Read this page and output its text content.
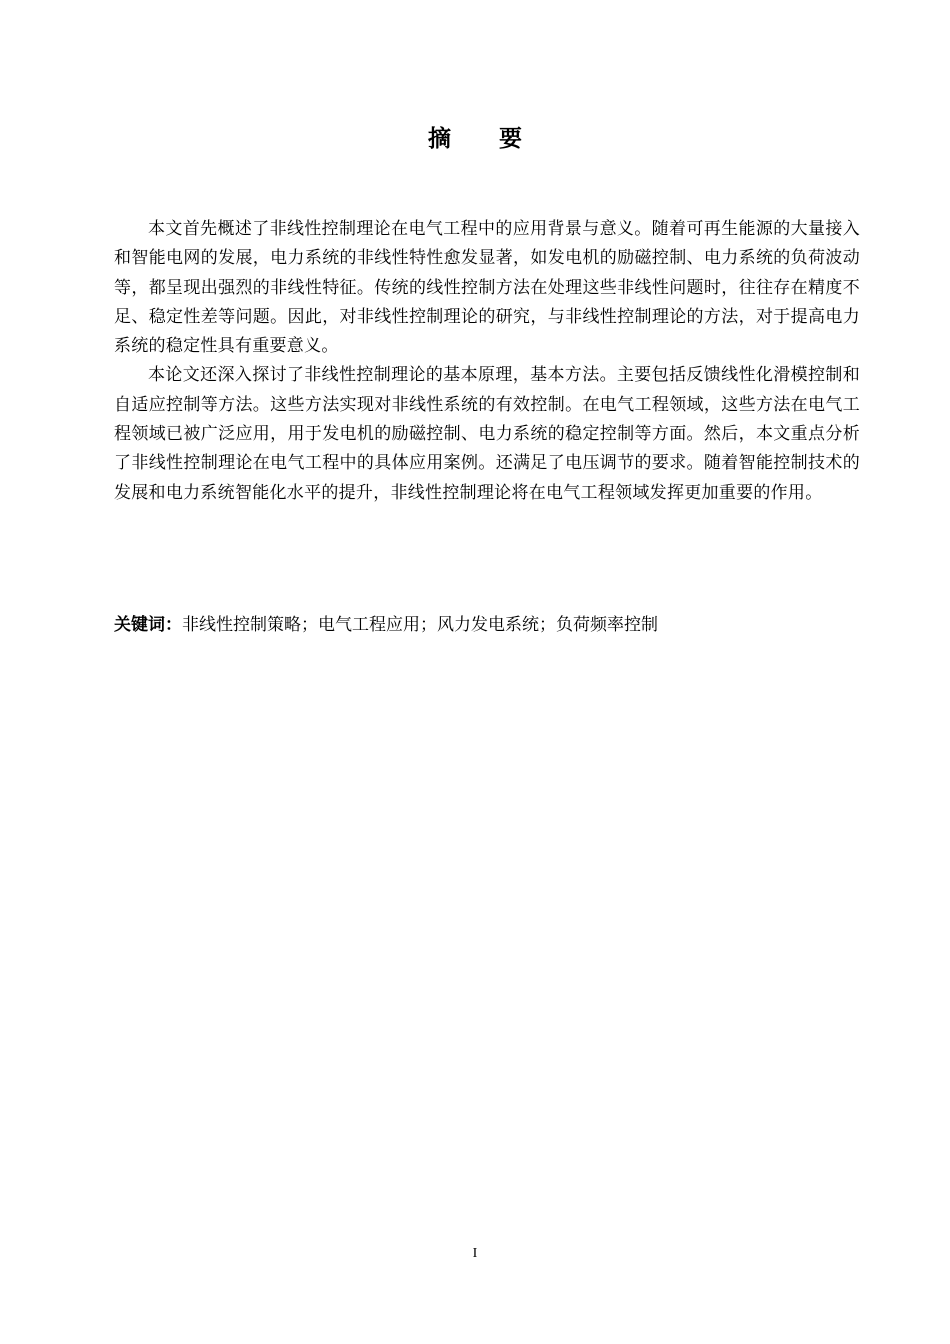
摘 要

本文首先概述了非线性控制理论在电气工程中的应用背景与意义。随着可再生能源的大量接入和智能电网的发展，电力系统的非线性特性愈发显著，如发电机的励磁控制、电力系统的负荷波动等，都呈现出强烈的非线性特征。传统的线性控制方法在处理这些非线性问题时，往往存在精度不足、稳定性差等问题。因此，对非线性控制理论的研究，与非线性控制理论的方法，对于提高电力系统的稳定性具有重要意义。

本论文还深入探讨了非线性控制理论的基本原理，基本方法。主要包括反馈线性化滑模控制和自适应控制等方法。这些方法实现对非线性系统的有效控制。在电气工程领域，这些方法在电气工程领域已被广泛应用，用于发电机的励磁控制、电力系统的稳定控制等方面。然后，本文重点分析了非线性控制理论在电气工程中的具体应用案例。还满足了电压调节的要求。随着智能控制技术的发展和电力系统智能化水平的提升，非线性控制理论将在电气工程领域发挥更加重要的作用。

关键词：非线性控制策略；电气工程应用；风力发电系统；负荷频率控制
I
